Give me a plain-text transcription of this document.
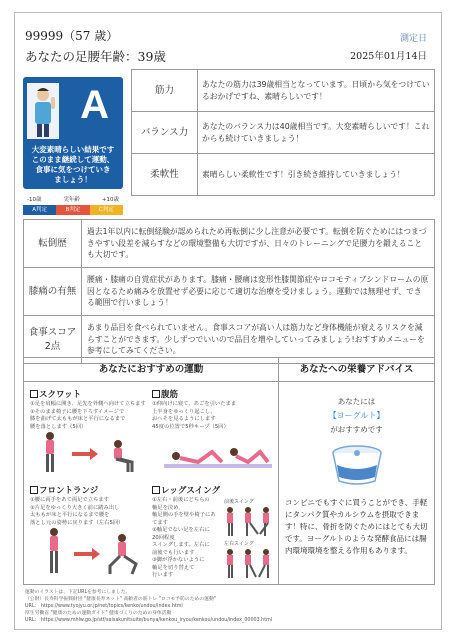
99999（57 歳）
あなたの足腰年齢：39歳
測定日
2025年01月14日
A
大変素晴らしい結果です
このまま継続して運動、
食事に気をつけていき
ましょう！
-10歳	実年齢	+10歳
A判定	B判定	C判定
筋力	あなたの筋力は39歳相当となっています。日頃から気をつけているおかげですね、素晴らしいです！
バランス力	あなたのバランス力は40歳相当です。大変素晴らしいです！これからも続けていきましょう！
柔軟性	素晴らしい柔軟性です！引き続き維持していきましょう！
転倒歴	過去1年以内に転倒経験が認められため再転倒に少し注意が必要です。転倒を防ぐためにはつまづきやすい段差を減らすなどの環境整備も大切ですが、日々のトレーニングで足腰力を鍛えることも大切です。
膝痛の有無	腰痛・膝痛の自覚症状があります。膝痛・腰痛は変形性膝関節症やロコモティブシンドロームの原因となるため痛みを放置せず必要に応じて適切な治療を受けましょう。運動では無理せず、できる範囲で行いましょう！

食事スコア
2点	あまり品目を食べられていません。食事スコアが高い人は筋力など身体機能が衰えるリスクを減らすことができます。少しずつでいいので品目を増やしていってみましょう!おすすめメニューを参考にしてみてください。
あなたにおすすめの運動
スクワット
①足を肩幅に開き、足先を外側へ向けて立ちます
②そのまま椅子に腰を下ろすイメージで
膝を曲げて太ももが床と平行になるまで
腰を落とします（5回）
腹筋
①仰向けに寝て、あごを引いたまま
上半身をゆっくり起こし、
おへそを見るようにします
45度の位置で5秒キープ（5回）
フロントランジ
①腰に両手をあて両足で立ちます
②片足をゆっくり大きく前に踏み出し
太ももが床と平行になるまで腰を
落とし元の姿勢に戻ります（左右5回）
レッグスイング
①左右・前後にどちらの
軸足を決め、
軸足側の手を壁や椅子にあてます
②軸足でない足を左右に20回程度
スイングします。左右に
前後でも行います
③脚が浮かないように
軸足を切り替えて
行います
前後スイング
左右スイング
あなたへの栄養アドバイス
あなたには
【ヨーグルト】
がおすすめです
コンビニでもすぐに買うことができ、手軽にタンパク質やカルシウムを摂取できます！特に、骨折を防ぐためにはとても大切です。ヨーグルトのような発酵食品には腸内環境環境を整える作用もあります。
運動のイラストは、下記URLを参考にしました。
（公財）長寿科学振興財団 "健康長寿ネット" 高齢者の筋トレ "ロコモ予防のための運動"
URL： https://www.tyojyu.or.jp/net/topics/kenko/undou/index.html
厚生労働省 "健康のための運動ガイド" 健康づくりのための身体活動
URL： https://www.mhlw.go.jp/stf/seisakunitsuite/bunya/kenkou_iryou/kenkou/undou/index_00003.html
